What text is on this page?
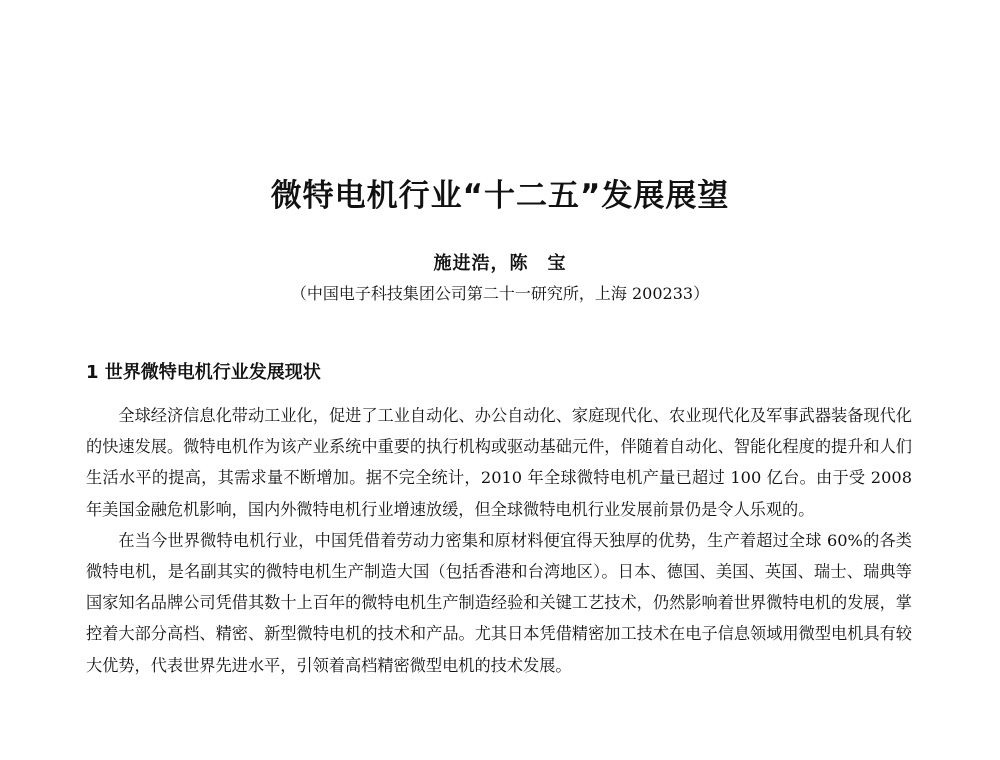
微特电机行业“十二五”发展展望
施进浩，陈　宝
（中国电子科技集团公司第二十一研究所，上海 200233）
1 世界微特电机行业发展现状

全球经济信息化带动工业化，促进了工业自动化、办公自动化、家庭现代化、农业现代化及军事武器装备现代化的快速发展。微特电机作为该产业系统中重要的执行机构或驱动基础元件，伴随着自动化、智能化程度的提升和人们生活水平的提高，其需求量不断增加。据不完全统计，2010 年全球微特电机产量已超过 100 亿台。由于受 2008 年美国金融危机影响，国内外微特电机行业增速放缓，但全球微特电机行业发展前景仍是令人乐观的。

在当今世界微特电机行业，中国凭借着劳动力密集和原材料便宜得天独厚的优势，生产着超过全球 60%的各类微特电机，是名副其实的微特电机生产制造大国（包括香港和台湾地区）。日本、德国、美国、英国、瑞士、瑞典等国家知名品牌公司凭借其数十上百年的微特电机生产制造经验和关键工艺技术，仍然影响着世界微特电机的发展，掌控着大部分高档、精密、新型微特电机的技术和产品。尤其日本凭借精密加工技术在电子信息领域用微型电机具有较大优势，代表世界先进水平，引领着高档精密微型电机的技术发展。
